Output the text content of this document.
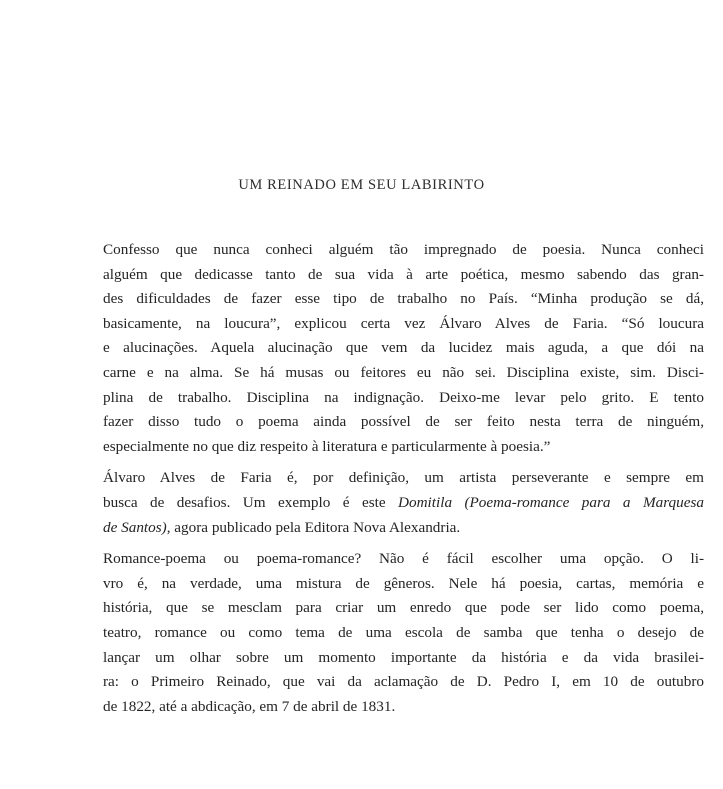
UM REINADO EM SEU LABIRINTO
Confesso que nunca conheci alguém tão impregnado de poesia. Nunca conheci
alguém que dedicasse tanto de sua vida à arte poética, mesmo sabendo das gran-
des dificuldades de fazer esse tipo de trabalho no País. “Minha produção se dá,
basicamente, na loucura”, explicou certa vez Álvaro Alves de Faria. “Só loucura
e alucinações. Aquela alucinação que vem da lucidez mais aguda, a que dói na
carne e na alma. Se há musas ou feitores eu não sei. Disciplina existe, sim. Disci-
plina de trabalho. Disciplina na indignação. Deixo-me levar pelo grito. E tento
fazer disso tudo o poema ainda possível de ser feito nesta terra de ninguém,
especialmente no que diz respeito à literatura e particularmente à poesia.”
Álvaro Alves de Faria é, por definição, um artista perseverante e sempre em
busca de desafios. Um exemplo é este Domitila (Poema-romance para a Marquesa
de Santos), agora publicado pela Editora Nova Alexandria.
Romance-poema ou poema-romance? Não é fácil escolher uma opção. O li-
vro é, na verdade, uma mistura de gêneros. Nele há poesia, cartas, memória e
história, que se mesclam para criar um enredo que pode ser lido como poema,
teatro, romance ou como tema de uma escola de samba que tenha o desejo de
lançar um olhar sobre um momento importante da história e da vida brasilei-
ra: o Primeiro Reinado, que vai da aclamação de D. Pedro I, em 10 de outubro
de 1822, até a abdicação, em 7 de abril de 1831.
